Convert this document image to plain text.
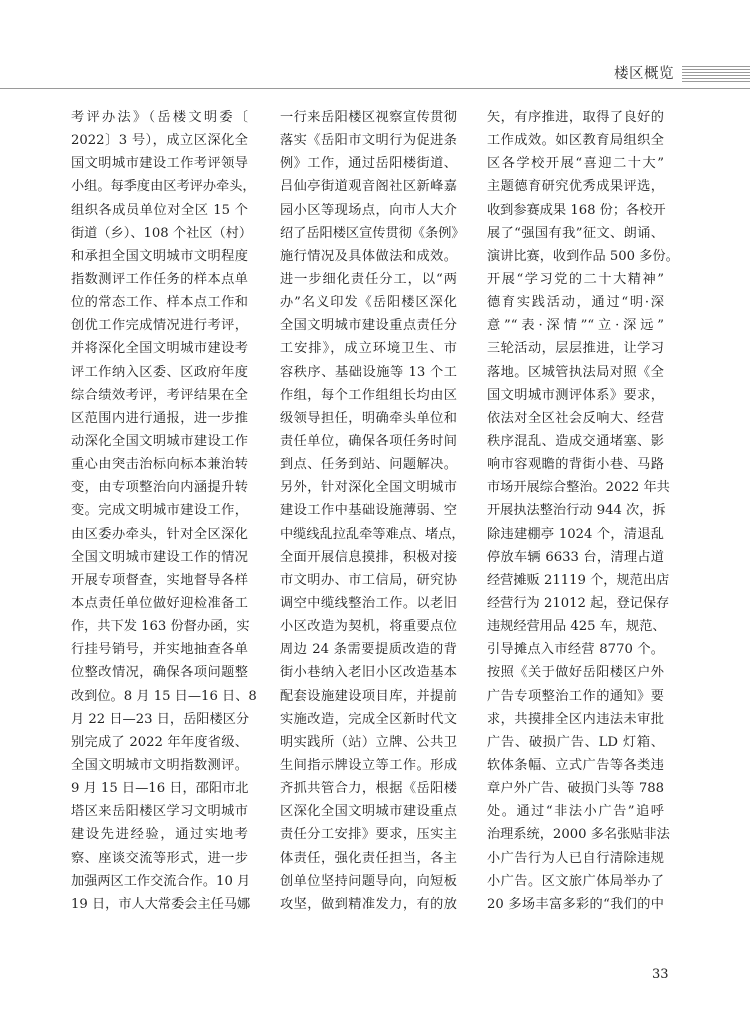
楼区概览
考评办法》（岳楼文明委〔
2022〕3 号），成立区深化全
国文明城市建设工作考评领导
小组。每季度由区考评办牵头，
组织各成员单位对全区 15 个
街道（乡）、108 个社区（村）
和承担全国文明城市文明程度
指数测评工作任务的样本点单
位的常态工作、样本点工作和
创优工作完成情况进行考评，
并将深化全国文明城市建设考
评工作纳入区委、区政府年度
综合绩效考评，考评结果在全
区范围内进行通报，进一步推
动深化全国文明城市建设工作
重心由突击治标向标本兼治转
变，由专项整治向内涵提升转
变。完成文明城市建设工作，
由区委办牵头，针对全区深化
全国文明城市建设工作的情况
开展专项督查，实地督导各样
本点责任单位做好迎检准备工
作，共下发 163 份督办函，实
行挂号销号，并实地抽查各单
位整改情况，确保各项问题整
改到位。8 月 15 日—16 日、8
月 22 日—23 日，岳阳楼区分
别完成了 2022 年年度省级、
全国文明城市文明指数测评。
9 月 15 日—16 日，邵阳市北
塔区来岳阳楼区学习文明城市
建设先进经验，通过实地考
察、座谈交流等形式，进一步
加强两区工作交流合作。10 月
19 日，市人大常委会主任马娜
一行来岳阳楼区视察宣传贯彻
落实《岳阳市文明行为促进条
例》工作，通过岳阳楼街道、
吕仙亭街道观音阁社区新峰嘉
园小区等现场点，向市人大介
绍了岳阳楼区宣传贯彻《条例》
施行情况及具体做法和成效。
进一步细化责任分工，以“两
办”名义印发《岳阳楼区深化
全国文明城市建设重点责任分
工安排》，成立环境卫生、市
容秩序、基础设施等 13 个工
作组，每个工作组组长均由区
级领导担任，明确牵头单位和
责任单位，确保各项任务时间
到点、任务到站、问题解决。
另外，针对深化全国文明城市
建设工作中基础设施薄弱、空
中缆线乱拉乱牵等难点、堵点，
全面开展信息摸排，积极对接
市文明办、市工信局，研究协
调空中缆线整治工作。以老旧
小区改造为契机，将重要点位
周边 24 条需要提质改造的背
街小巷纳入老旧小区改造基本
配套设施建设项目库，并提前
实施改造，完成全区新时代文
明实践所（站）立牌、公共卫
生间指示牌设立等工作。形成
齐抓共管合力，根据《岳阳楼
区深化全国文明城市建设重点
责任分工安排》要求，压实主
体责任，强化责任担当，各主
创单位坚持问题导向，向短板
攻坚，做到精准发力，有的放
矢，有序推进，取得了良好的
工作成效。如区教育局组织全
区各学校开展“喜迎二十大”
主题德育研究优秀成果评选，
收到参赛成果 168 份；各校开
展了“强国有我”征文、朗诵、
演讲比赛，收到作品 500 多份。
开展“学习党的二十大精神”
德育实践活动，通过“明·深
意”“表·深情”“立·深远”
三轮活动，层层推进，让学习
落地。区城管执法局对照《全
国文明城市测评体系》要求，
依法对全区社会反响大、经营
秩序混乱、造成交通堵塞、影
响市容观瞻的背街小巷、马路
市场开展综合整治。2022 年共
开展执法整治行动 944 次，拆
除违建棚亭 1024 个，清退乱
停放车辆 6633 台，清理占道
经营摊贩 21119 个，规范出店
经营行为 21012 起，登记保存
违规经营用品 425 车，规范、
引导摊点入市经营 8770 个。
按照《关于做好岳阳楼区户外
广告专项整治工作的通知》要
求，共摸排全区内违法未审批
广告、破损广告、LD 灯箱、
软体条幅、立式广告等各类违
章户外广告、破损门头等 788
处。通过“非法小广告”追呼
治理系统，2000 多名张贴非法
小广告行为人已自行清除违规
小广告。区文旅广体局举办了
20 多场丰富多彩的“我们的中
33
